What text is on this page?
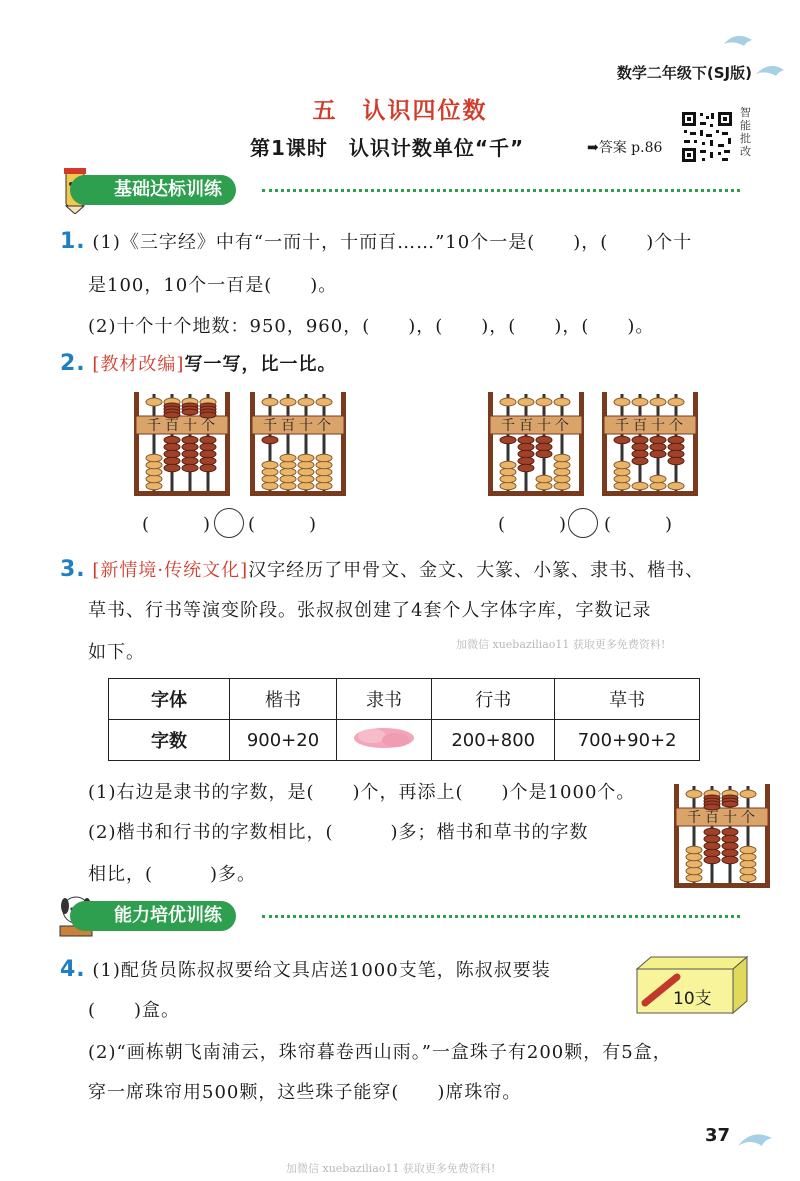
数学二年级下(SJ版)
五　 认识四位数
第1课时　认识计数单位“千”	➡答案 p.86
智
能
批
改
基础达标训练
1. (1)《三字经》中有“一而十，十而百……”10个一是(　　)，(　　)个十
是100，10个一百是(　　)。
(2)十个十个地数：950，960，(　　)，(　　)，(　　)，(　　)。
2. [教材改编]写一写，比一比。
千 百 十 个	千 百 十 个	千 百 十 个	千 百 十 个
(　　　) (　　　)	(　　　) (　　　)
3. [新情境·传统文化]汉字经历了甲骨文、金文、大篆、小篆、隶书、楷书、
草书、行书等演变阶段。张叔叔创建了4套个人字体字库，字数记录
如下。	加微信 xuebaziliao11 获取更多免费资料!
字体	楷书	隶书	行书	草书
字数	900+20		200+800	700+90+2
(1)右边是隶书的字数，是(　　)个，再添上(　　)个是1000个。
(2)楷书和行书的字数相比，(　　　)多；楷书和草书的字数
相比，(　　　)多。
千 百 十 个
能力培优训练
4. (1)配货员陈叔叔要给文具店送1000支笔，陈叔叔要装
(　　)盒。
(2)“画栋朝飞南浦云，珠帘暮卷西山雨。”一盒珠子有200颗，有5盒，
穿一席珠帘用500颗，这些珠子能穿(　　)席珠帘。
10支
加微信 xuebaziliao11 获取更多免费资料!
37
